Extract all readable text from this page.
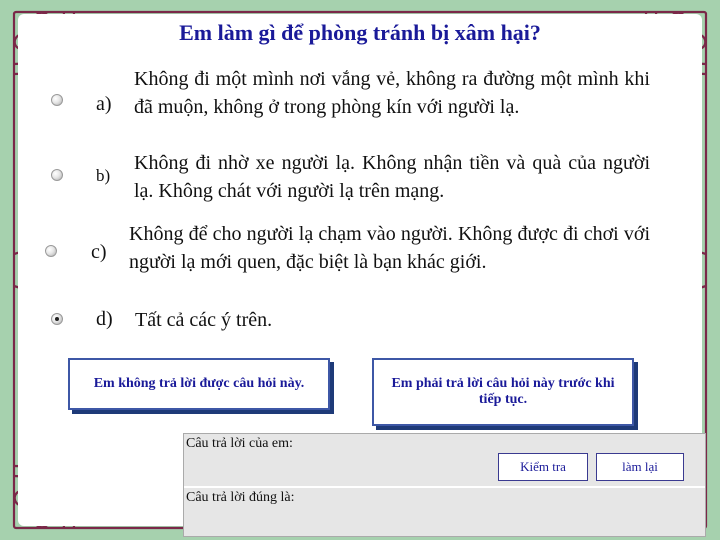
Em làm gì để phòng tránh bị xâm hại?
a)
Không đi một mình nơi vắng vẻ, không ra đường một mình khi đã muộn, không ở trong phòng kín với người lạ.
b)
Không đi nhờ xe người lạ. Không nhận tiền và quà của người lạ. Không chát với người lạ trên mạng.
c)
Không để cho người lạ chạm vào người. Không được đi chơi với người lạ mới quen, đặc biệt là bạn khác giới.
d) Tất cả các ý trên.
Em không trả lời được câu hỏi này.	Em phải trả lời câu hỏi này trước khi tiếp tục.
Câu trả lời của em:
Câu trả lời đúng là:
Kiểm tra	làm lại
